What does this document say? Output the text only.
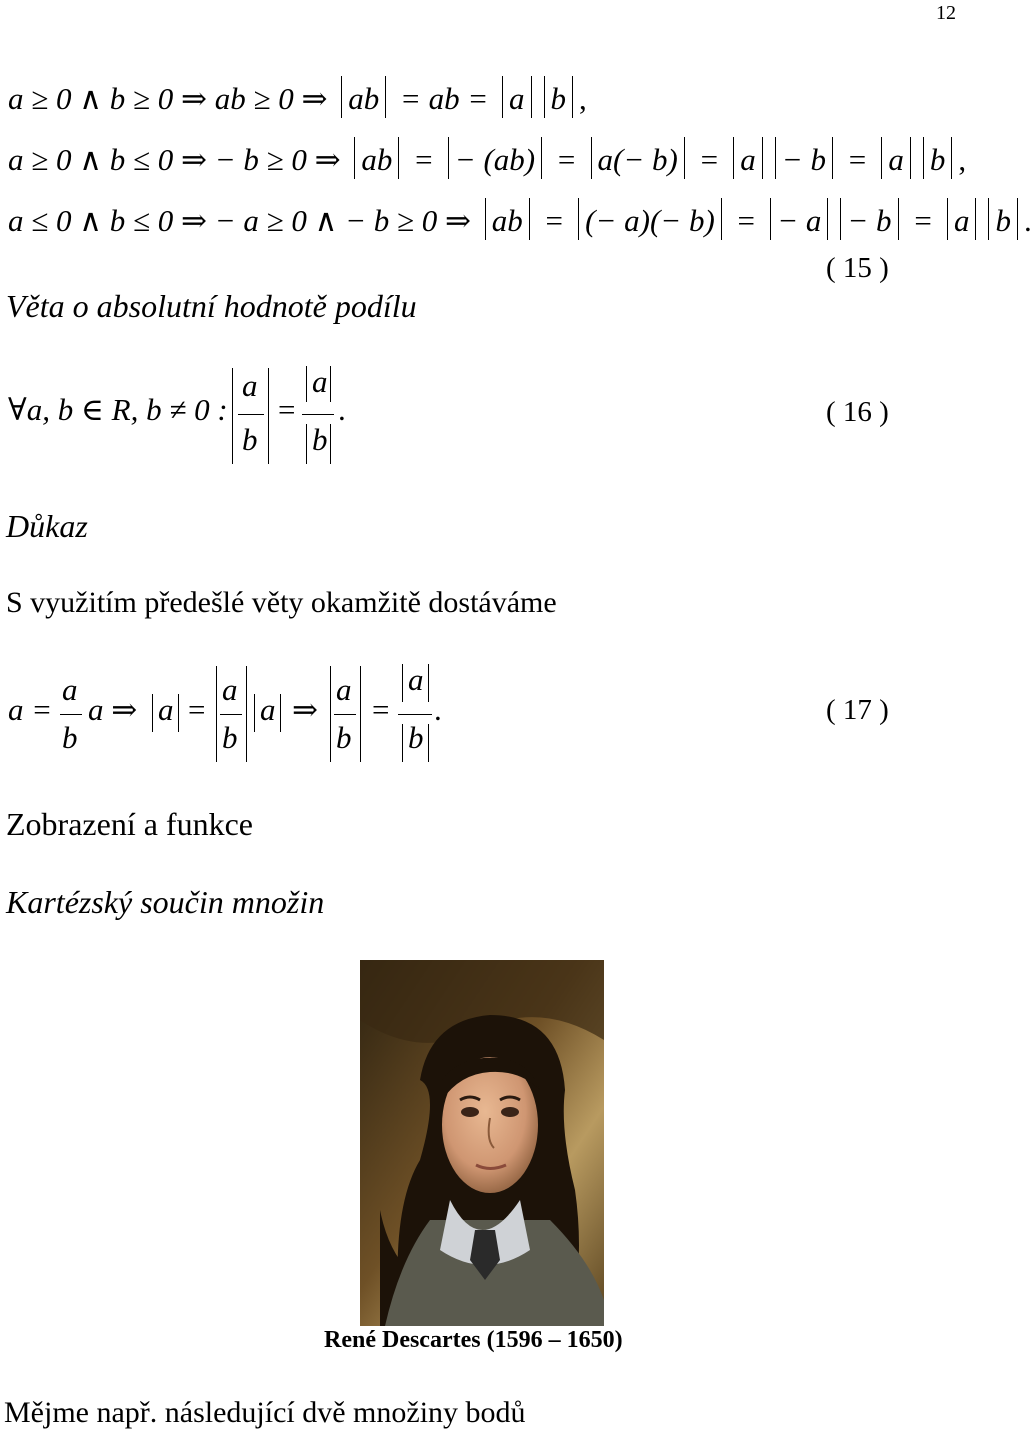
12
a ≥ 0 ∧ b ≥ 0 ⇒ ab ≥ 0 ⇒ ab = ab = a b ,
a ≥ 0 ∧ b ≤ 0 ⇒ − b ≥ 0 ⇒ ab = − (ab) = a(− b) = a − b = a b ,
a ≤ 0 ∧ b ≤ 0 ⇒ − a ≥ 0 ∧ − b ≥ 0 ⇒ ab = (− a)(− b) = − a − b = a b .
( 15 )
Věta o absolutní hodnotě podílu
∀a, b ∈ R, b ≠ 0 :
a
b
=
a
b
.	( 16 )
Důkaz
S využitím předešlé věty okamžitě dostáváme
a =
a
b
a ⇒ a =
a
b
a ⇒
a
b
=
a
b
.	( 17 )
Zobrazení a funkce
Kartézský součin množin
René Descartes (1596 – 1650)
Mějme např. následující dvě množiny bodů
